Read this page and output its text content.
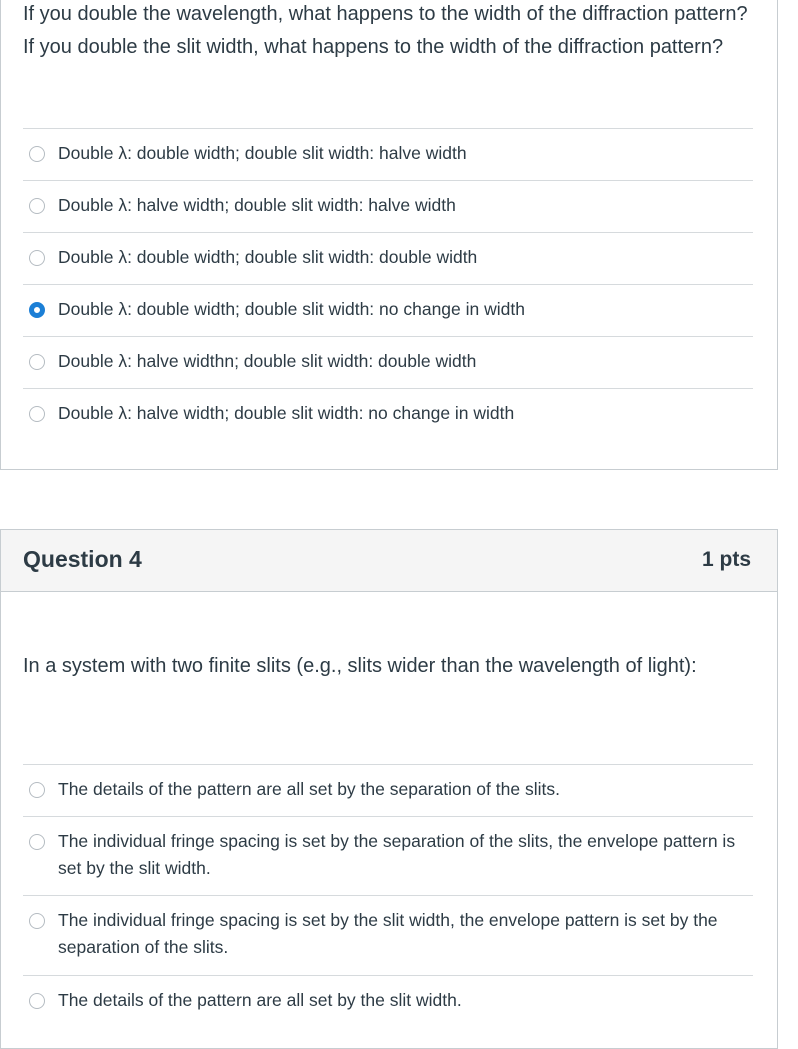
If you double the wavelength, what happens to the width of the diffraction pattern? If you double the slit width, what happens to the width of the diffraction pattern?
Double λ: double width; double slit width: halve width
Double λ: halve width; double slit width: halve width
Double λ: double width; double slit width: double width
Double λ: double width; double slit width: no change in width
Double λ: halve widthn; double slit width: double width
Double λ: halve width; double slit width: no change in width
Question 4	1 pts
In a system with two finite slits (e.g., slits wider than the wavelength of light):
The details of the pattern are all set by the separation of the slits.
The individual fringe spacing is set by the separation of the slits, the envelope pattern is set by the slit width.
The individual fringe spacing is set by the slit width, the envelope pattern is set by the separation of the slits.
The details of the pattern are all set by the slit width.
